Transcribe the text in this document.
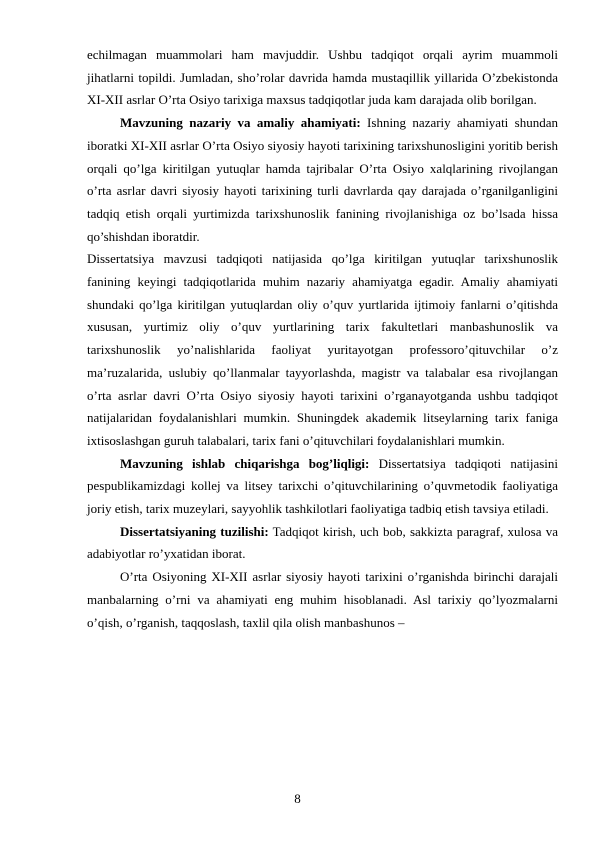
echilmagan muammolari ham mavjuddir. Ushbu tadqiqot orqali ayrim muammoli jihatlarni topildi. Jumladan, sho’rolar davrida hamda mustaqillik yillarida O’zbekistonda XI-XII asrlar O’rta Osiyo tarixiga maxsus tadqiqotlar juda kam darajada olib borilgan.

Mavzuning nazariy va amaliy ahamiyati: Ishning nazariy ahamiyati shundan iboratki XI-XII asrlar O’rta Osiyo siyosiy hayoti tarixining tarixshunosligini yoritib berish orqali qo’lga kiritilgan yutuqlar hamda tajribalar O’rta Osiyo xalqlarining rivojlangan o’rta asrlar davri siyosiy hayoti tarixining turli davrlarda qay darajada o’rganilganligini tadqiq etish orqali yurtimizda tarixshunoslik fanining rivojlanishiga oz bo’lsada hissa qo’shishdan iboratdir.

Dissertatsiya mavzusi tadqiqoti natijasida qo’lga kiritilgan yutuqlar tarixshunoslik fanining keyingi tadqiqotlarida muhim nazariy ahamiyatga egadir. Amaliy ahamiyati shundaki qo’lga kiritilgan yutuqlardan oliy o’quv yurtlarida ijtimoiy fanlarni o’qitishda xususan, yurtimiz oliy o’quv yurtlarining tarix fakultetlari manbashunoslik va tarixshunoslik yo’nalishlarida faoliyat yuritayotgan professoro’qituvchilar o’z ma’ruzalarida, uslubiy qo’llanmalar tayyorlashda, magistr va talabalar esa rivojlangan o’rta asrlar davri O’rta Osiyo siyosiy hayoti tarixini o’rganayotganda ushbu tadqiqot natijalaridan foydalanishlari mumkin. Shuningdek akademik litseylarning tarix faniga ixtisoslashgan guruh talabalari, tarix fani o’qituvchilari foydalanishlari mumkin.

Mavzuning ishlab chiqarishga bog’liqligi: Dissertatsiya tadqiqoti natijasini pespublikamizdagi kollej va litsey tarixchi o’qituvchilarining o’quvmetodik faoliyatiga joriy etish, tarix muzeylari, sayyohlik tashkilotlari faoliyatiga tadbiq etish tavsiya etiladi.

Dissertatsiyaning tuzilishi: Tadqiqot kirish, uch bob, sakkizta paragraf, xulosa va adabiyotlar ro’yxatidan iborat.

O’rta Osiyoning XI-XII asrlar siyosiy hayoti tarixini o’rganishda birinchi darajali manbalarning o’rni va ahamiyati eng muhim hisoblanadi. Asl tarixiy qo’lyozmalarni o’qish, o’rganish, taqqoslash, taxlil qila olish manbashunos –

8
